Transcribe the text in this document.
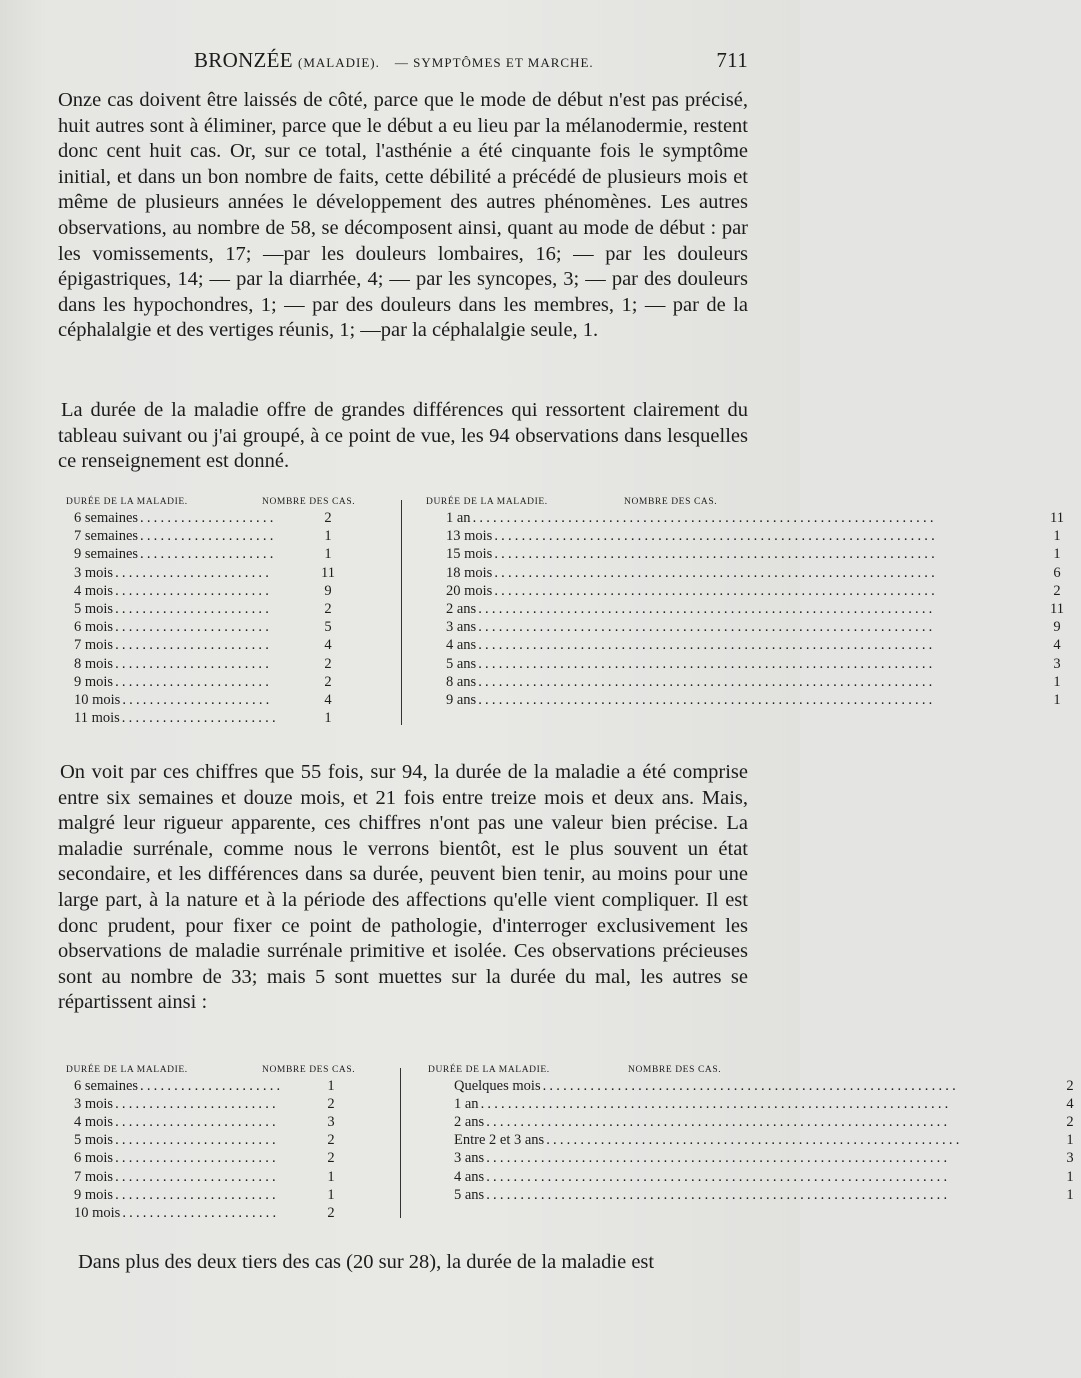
BRONZÉE (MALADIE). — SYMPTÔMES ET MARCHE.	711

Onze cas doivent être laissés de côté, parce que le mode de début n'est pas précisé, huit autres sont à éliminer, parce que le début a eu lieu par la mélanodermie, restent donc cent huit cas. Or, sur ce total, l'asthénie a été cinquante fois le symptôme initial, et dans un bon nombre de faits, cette débilité a précédé de plusieurs mois et même de plusieurs années le développement des autres phénomènes. Les autres observations, au nombre de 58, se décomposent ainsi, quant au mode de début : par les vomissements, 17; —par les douleurs lombaires, 16; — par les douleurs épigastriques, 14; — par la diarrhée, 4; — par les syncopes, 3; — par des douleurs dans les hypochondres, 1; — par des douleurs dans les membres, 1; — par de la céphalalgie et des vertiges réunis, 1; —par la céphalalgie seule, 1.

La durée de la maladie offre de grandes différences qui ressortent clairement du tableau suivant ou j'ai groupé, à ce point de vue, les 94 observations dans lesquelles ce renseignement est donné.

DURÉE DE LA MALADIE.	NOMBRE DES CAS.	DURÉE DE LA MALADIE.	NOMBRE DES CAS.
6 semaines ....................	2
7 semaines ....................	1
9 semaines ....................	1
3 mois .......................	11
4 mois .......................	9
5 mois .......................	2
6 mois .......................	5
7 mois .......................	4
8 mois .......................	2
9 mois .......................	2
10 mois ......................	4
11 mois .......................	1
1 an ....................................................................	11
13 mois .................................................................	1
15 mois .................................................................	1
18 mois .................................................................	6
20 mois .................................................................	2
2 ans ...................................................................	11
3 ans ...................................................................	9
4 ans ...................................................................	4
5 ans ...................................................................	3
8 ans ...................................................................	1
9 ans ...................................................................	1

On voit par ces chiffres que 55 fois, sur 94, la durée de la maladie a été comprise entre six semaines et douze mois, et 21 fois entre treize mois et deux ans. Mais, malgré leur rigueur apparente, ces chiffres n'ont pas une valeur bien précise. La maladie surrénale, comme nous le verrons bientôt, est le plus souvent un état secondaire, et les différences dans sa durée, peuvent bien tenir, au moins pour une large part, à la nature et à la période des affections qu'elle vient compliquer. Il est donc prudent, pour fixer ce point de pathologie, d'interroger exclusivement les observations de maladie surrénale primitive et isolée. Ces observations précieuses sont au nombre de 33; mais 5 sont muettes sur la durée du mal, les autres se répartissent ainsi :

DURÉE DE LA MALADIE.	NOMBRE DES CAS.	DURÉE DE LA MALADIE.	NOMBRE DES CAS.
6 semaines .....................	1
3 mois ........................	2
4 mois ........................	3
5 mois ........................	2
6 mois ........................	2
7 mois ........................	1
9 mois ........................	1
10 mois .......................	2
Quelques mois .............................................................	2
1 an .....................................................................	4
2 ans ....................................................................	2
Entre 2 et 3 ans .............................................................	1
3 ans ....................................................................	3
4 ans ....................................................................	1
5 ans ....................................................................	1

Dans plus des deux tiers des cas (20 sur 28), la durée de la maladie est
